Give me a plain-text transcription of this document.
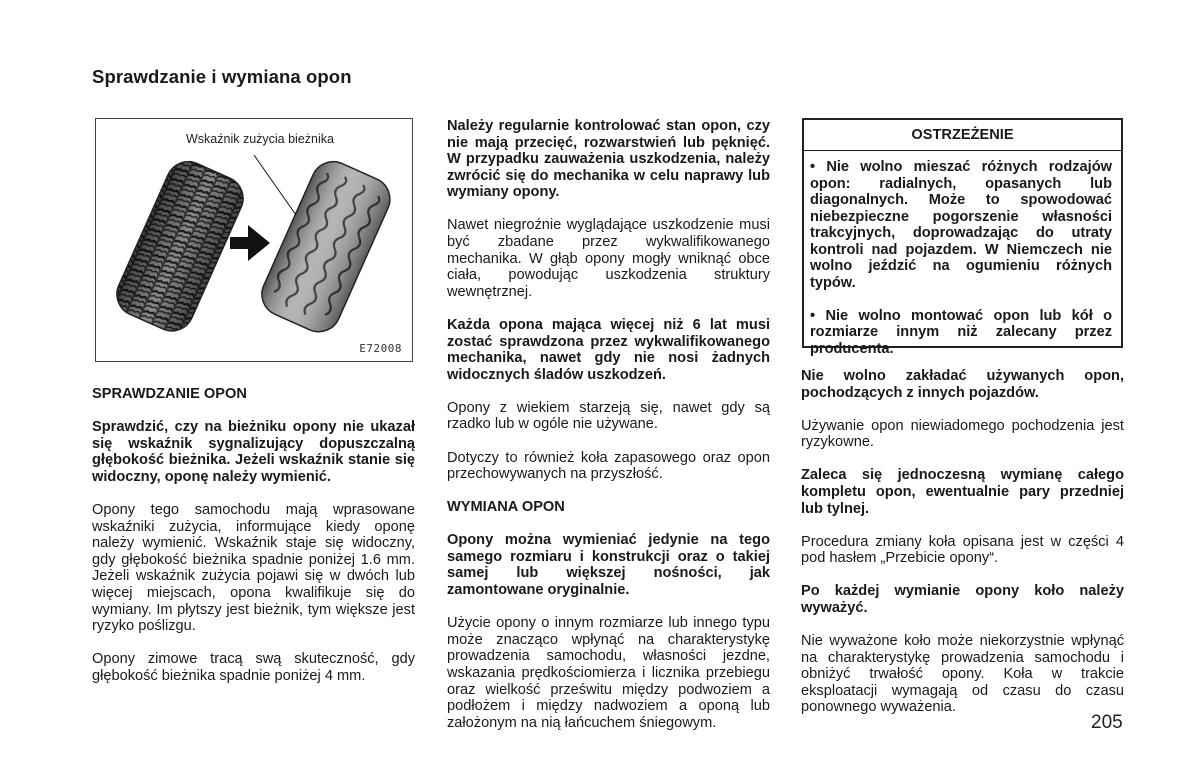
Sprawdzanie i wymiana opon
Wskaźnik zużycia bieżnika
E72008
SPRAWDZANIE OPON

Sprawdzić, czy na bieżniku opony nie ukazał się wskaźnik sygnalizujący dopuszczalną głębokość bieżnika. Jeżeli wskaźnik stanie się widoczny, oponę należy wymienić.

Opony tego samochodu mają wprasowane wskaźniki zużycia, informujące kiedy oponę należy wymienić. Wskaźnik staje się widoczny, gdy głębokość bieżnika spadnie poniżej 1.6 mm. Jeżeli wskaźnik zużycia pojawi się w dwóch lub więcej miejscach, opona kwalifikuje się do wymiany. Im płytszy jest bieżnik, tym większe jest ryzyko poślizgu.

Opony zimowe tracą swą skuteczność, gdy głębokość bieżnika spadnie poniżej 4 mm.

Należy regularnie kontrolować stan opon, czy nie mają przecięć, rozwarstwień lub pęknięć. W przypadku zauważenia uszkodzenia, należy zwrócić się do mechanika w celu naprawy lub wymiany opony.

Nawet niegroźnie wyglądające uszkodzenie musi być zbadane przez wykwalifikowanego mechanika. W głąb opony mogły wniknąć obce ciała, powodując uszkodzenia struktury wewnętrznej.

Każda opona mająca więcej niż 6 lat musi zostać sprawdzona przez wykwalifikowanego mechanika, nawet gdy nie nosi żadnych widocznych śladów uszkodzeń.

Opony z wiekiem starzeją się, nawet gdy są rzadko lub w ogóle nie używane.

Dotyczy to również koła zapasowego oraz opon przechowywanych na przyszłość.

WYMIANA OPON

Opony można wymieniać jedynie na tego samego rozmiaru i konstrukcji oraz o takiej samej lub większej nośności, jak zamontowane oryginalnie.

Użycie opony o innym rozmiarze lub innego typu może znacząco wpłynąć na charakterystykę prowadzenia samochodu, własności jezdne, wskazania prędkościomierza i licznika przebiegu oraz wielkość prześwitu między podwoziem a podłożem i między nadwoziem a oponą lub założonym na nią łańcuchem śniegowym.

OSTRZEŻENIE

• Nie wolno mieszać różnych rodzajów opon: radialnych, opasanych lub diagonalnych. Może to spowodować niebezpieczne pogorszenie własności trakcyjnych, doprowadzając do utraty kontroli nad pojazdem. W Niemczech nie wolno jeździć na ogumieniu różnych typów.

• Nie wolno montować opon lub kół o rozmiarze innym niż zalecany przez producenta.

Nie wolno zakładać używanych opon, pochodzących z innych pojazdów.

Używanie opon niewiadomego pochodzenia jest ryzykowne.

Zaleca się jednoczesną wymianę całego kompletu opon, ewentualnie pary przedniej lub tylnej.

Procedura zmiany koła opisana jest w części 4 pod hasłem „Przebicie opony“.

Po każdej wymianie opony koło należy wyważyć.

Nie wyważone koło może niekorzystnie wpłynąć na charakterystykę prowadzenia samochodu i obniżyć trwałość opony. Koła w trakcie eksploatacji wymagają od czasu do czasu ponownego wyważenia.

205
